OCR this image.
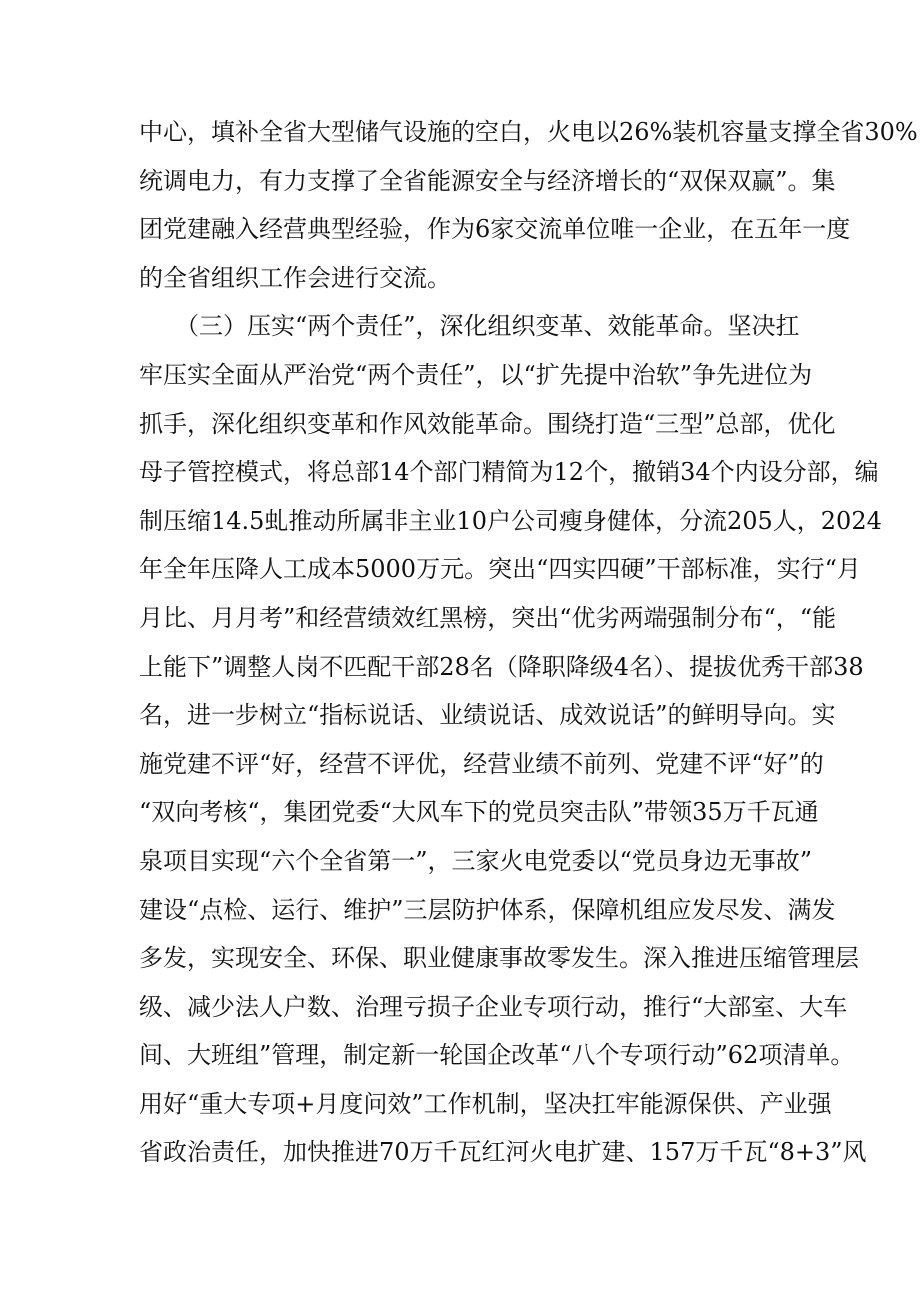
中心，填补全省大型储气设施的空白，火电以26%装机容量支撑全省30%
统调电力，有力支撑了全省能源安全与经济增长的“双保双赢”。集
团党建融入经营典型经验，作为6家交流单位唯一企业，在五年一度
的全省组织工作会进行交流。
　　（三）压实“两个责任”，深化组织变革、效能革命。坚决扛
牢压实全面从严治党“两个责任”，以“扩先提中治软”争先进位为
抓手，深化组织变革和作风效能革命。围绕打造“三型”总部，优化
母子管控模式，将总部14个部门精简为12个，撤销34个内设分部，编
制压缩14.5虬推动所属非主业10户公司瘦身健体，分流205人，2024
年全年压降人工成本5000万元。突出“四实四硬”干部标准，实行“月
月比、月月考”和经营绩效红黑榜，突出“优劣两端强制分布“，“能
上能下”调整人岗不匹配干部28名（降职降级4名）、提拔优秀干部38
名，进一步树立“指标说话、业绩说话、成效说话”的鲜明导向。实
施党建不评“好，经营不评优，经营业绩不前列、党建不评“好”的
“双向考核“，集团党委“大风车下的党员突击队”带领35万千瓦通
泉项目实现“六个全省第一”，三家火电党委以“党员身边无事故”
建设“点检、运行、维护”三层防护体系，保障机组应发尽发、满发
多发，实现安全、环保、职业健康事故零发生。深入推进压缩管理层
级、减少法人户数、治理亏损子企业专项行动，推行“大部室、大车
间、大班组”管理，制定新一轮国企改革“八个专项行动”62项清单。
用好“重大专项+月度问效”工作机制，坚决扛牢能源保供、产业强
省政治责任，加快推进70万千瓦红河火电扩建、157万千瓦“8+3”风
